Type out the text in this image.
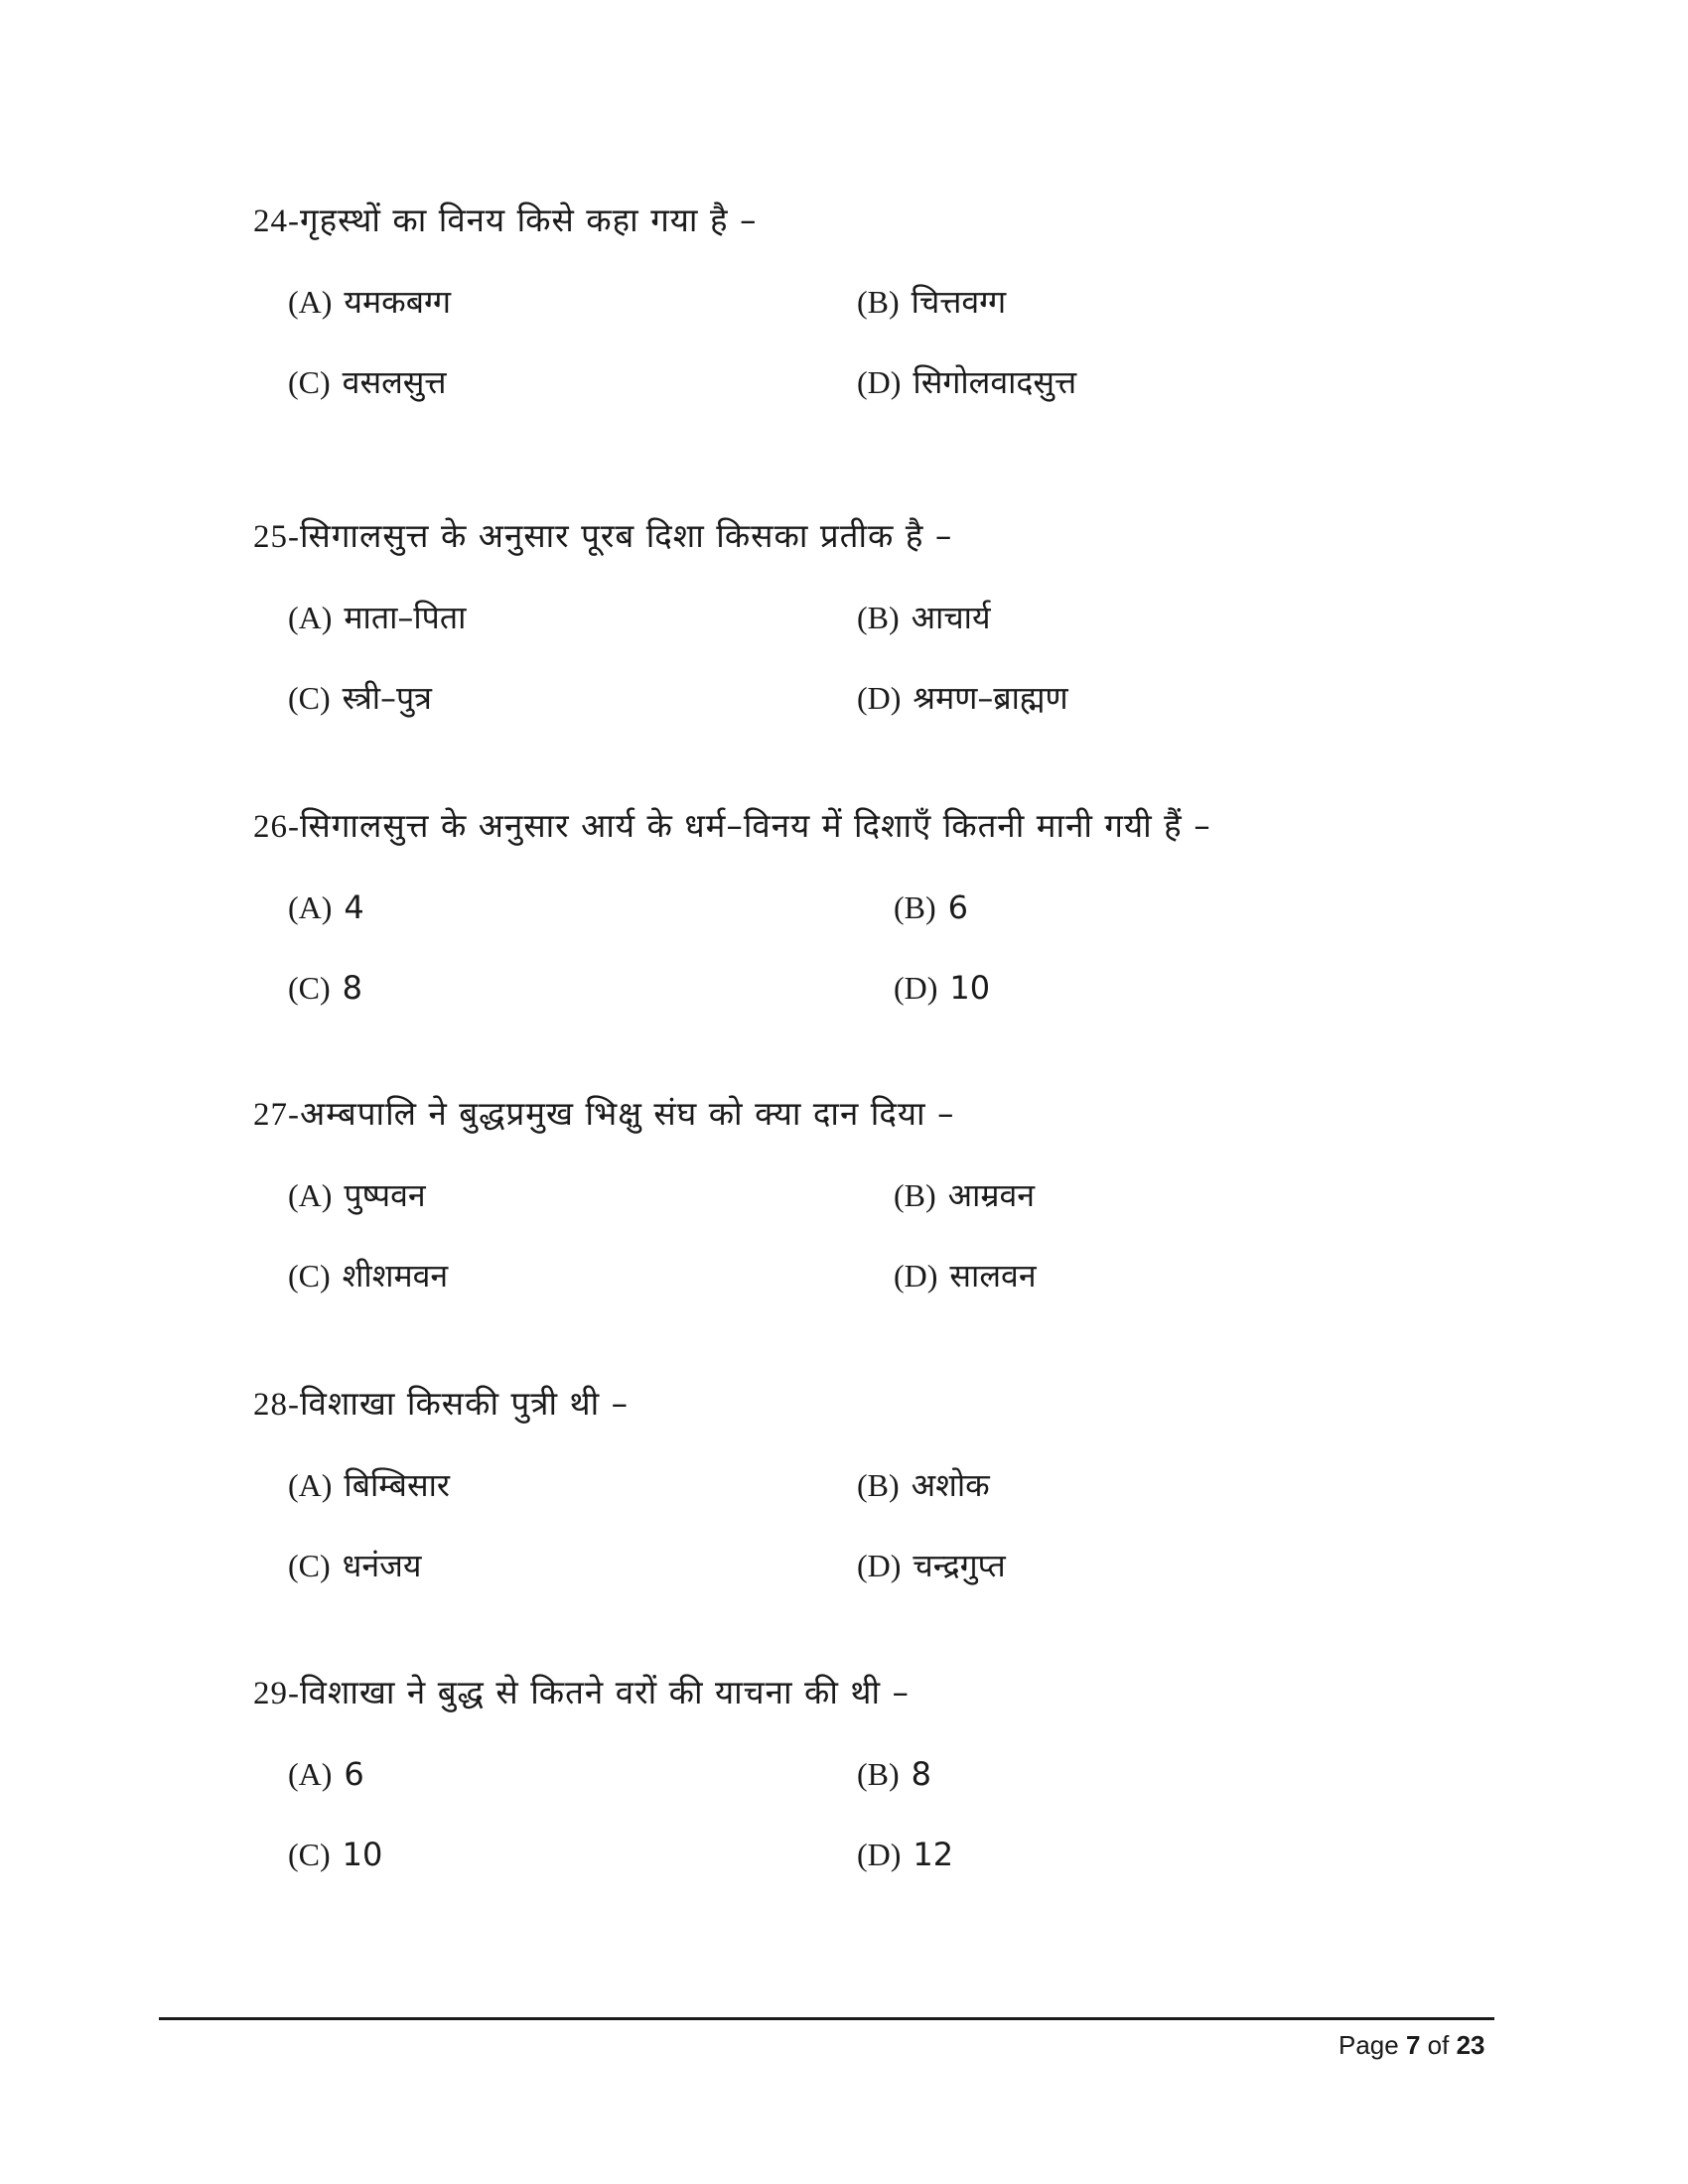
24-गृहस्थों का विनय किसे कहा गया है –
(A) यमकबग्ग	(B) चित्तवग्ग
(C) वसलसुत्त	(D) सिगोलवादसुत्त
25-सिगालसुत्त के अनुसार पूरब दिशा किसका प्रतीक है –
(A) माता–पिता	(B) आचार्य
(C) स्त्री–पुत्र	(D) श्रमण–ब्राह्मण
26-सिगालसुत्त के अनुसार आर्य के धर्म–विनय में दिशाएँ कितनी मानी गयी हैं –
(A) 4	(B) 6
(C) 8	(D) 10
27-अम्बपालि ने बुद्धप्रमुख भिक्षु संघ को क्या दान दिया –
(A) पुष्पवन	(B) आम्रवन
(C) शीशमवन	(D) सालवन
28-विशाखा किसकी पुत्री थी –
(A) बिम्बिसार	(B) अशोक
(C) धनंजय	(D) चन्द्रगुप्त
29-विशाखा ने बुद्ध से कितने वरों की याचना की थी –
(A) 6	(B) 8
(C) 10	(D) 12
Page 7 of 23
